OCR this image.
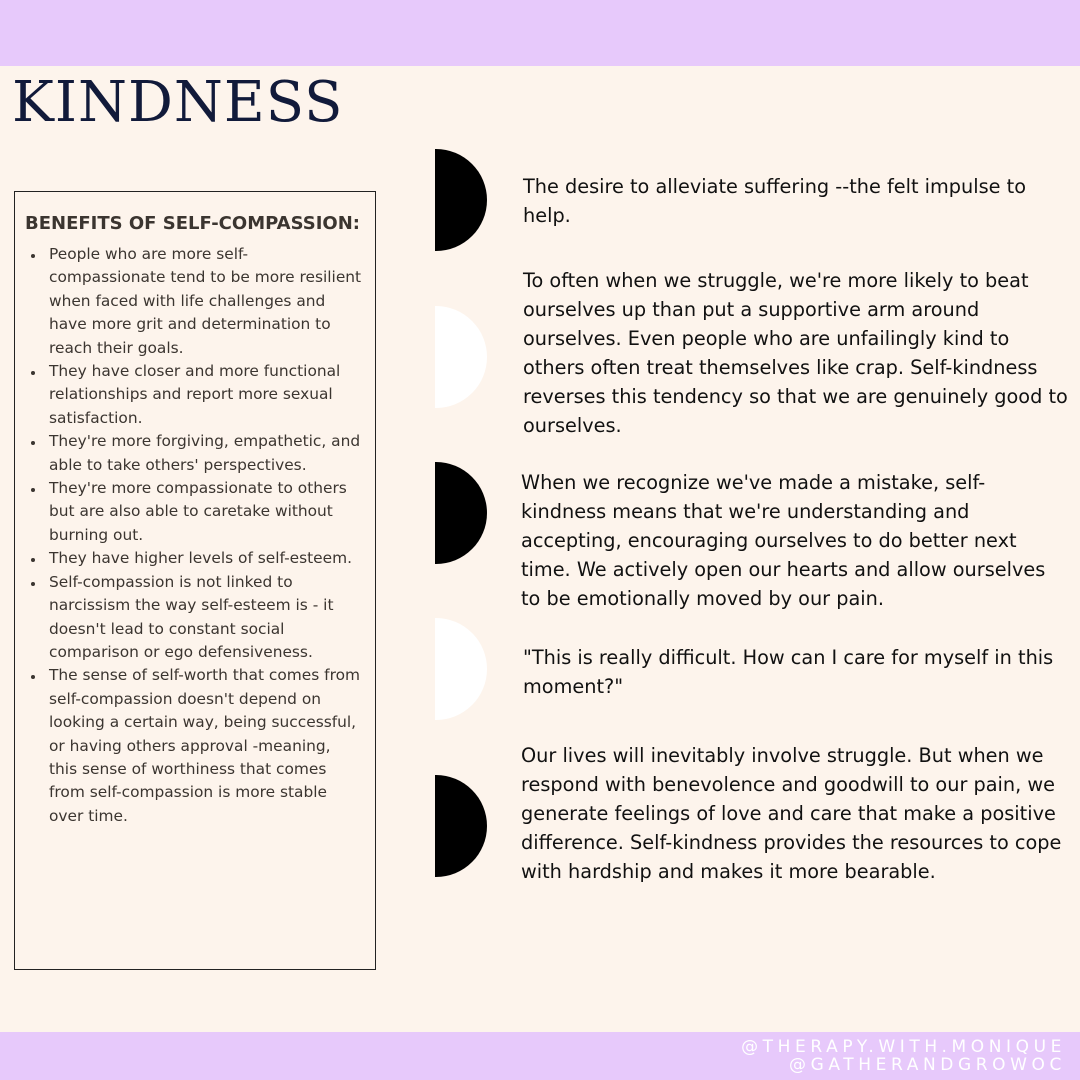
KINDNESS
BENEFITS OF SELF-COMPASSION:
• People who are more self-compassionate tend to be more resilient when faced with life challenges and have more grit and determination to reach their goals.
• They have closer and more functional relationships and report more sexual satisfaction.
• They're more forgiving, empathetic, and able to take others' perspectives.
• They're more compassionate to others but are also able to caretake without burning out.
• They have higher levels of self-esteem.
• Self-compassion is not linked to narcissism the way self-esteem is - it doesn't lead to constant social comparison or ego defensiveness.
• The sense of self-worth that comes from self-compassion doesn't depend on looking a certain way, being successful, or having others approval -meaning, this sense of worthiness that comes from self-compassion is more stable over time.

The desire to alleviate suffering --the felt impulse to help.

To often when we struggle, we're more likely to beat ourselves up than put a supportive arm around ourselves. Even people who are unfailingly kind to others often treat themselves like crap. Self-kindness reverses this tendency so that we are genuinely good to ourselves.

When we recognize we've made a mistake, self-kindness means that we're understanding and accepting, encouraging ourselves to do better next time. We actively open our hearts and allow ourselves to be emotionally moved by our pain.

"This is really difficult. How can I care for myself in this moment?"

Our lives will inevitably involve struggle. But when we respond with benevolence and goodwill to our pain, we generate feelings of love and care that make a positive difference. Self-kindness provides the resources to cope with hardship and makes it more bearable.

@THERAPY.WITH.MONIQUE
@GATHERANDGROWOC
